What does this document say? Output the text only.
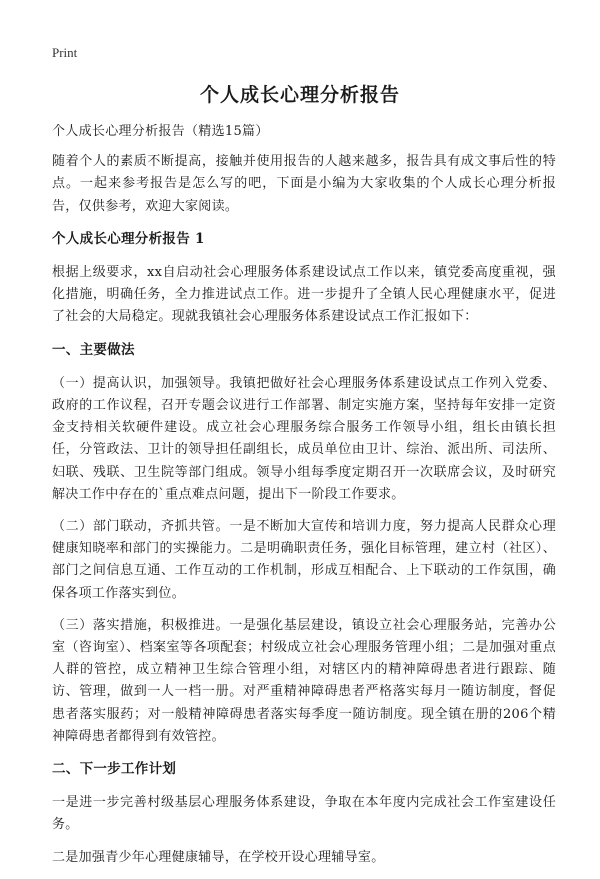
Print
个人成长心理分析报告

个人成长心理分析报告（精选15篇）

随着个人的素质不断提高，接触并使用报告的人越来越多，报告具有成文事后性的特点。一起来参考报告是怎么写的吧，下面是小编为大家收集的个人成长心理分析报告，仅供参考，欢迎大家阅读。

个人成长心理分析报告 1

根据上级要求，xx自启动社会心理服务体系建设试点工作以来，镇党委高度重视，强化措施，明确任务，全力推进试点工作。进一步提升了全镇人民心理健康水平，促进了社会的大局稳定。现就我镇社会心理服务体系建设试点工作汇报如下：

一、主要做法

（一）提高认识，加强领导。我镇把做好社会心理服务体系建设试点工作列入党委、政府的工作议程，召开专题会议进行工作部署、制定实施方案，坚持每年安排一定资金支持相关软硬件建设。成立社会心理服务综合服务工作领导小组，组长由镇长担任，分管政法、卫计的领导担任副组长，成员单位由卫计、综治、派出所、司法所、妇联、残联、卫生院等部门组成。领导小组每季度定期召开一次联席会议，及时研究解决工作中存在的`重点难点问题，提出下一阶段工作要求。

（二）部门联动，齐抓共管。一是不断加大宣传和培训力度，努力提高人民群众心理健康知晓率和部门的实操能力。二是明确职责任务，强化目标管理，建立村（社区）、部门之间信息互通、工作互动的工作机制，形成互相配合、上下联动的工作氛围，确保各项工作落实到位。

（三）落实措施，积极推进。一是强化基层建设，镇设立社会心理服务站，完善办公室（咨询室）、档案室等各项配套；村级成立社会心理服务管理小组；二是加强对重点人群的管控，成立精神卫生综合管理小组，对辖区内的精神障碍患者进行跟踪、随访、管理，做到一人一档一册。对严重精神障碍患者严格落实每月一随访制度，督促患者落实服药；对一般精神障碍患者落实每季度一随访制度。现全镇在册的206个精神障碍患者都得到有效管控。

二、下一步工作计划

一是进一步完善村级基层心理服务体系建设，争取在本年度内完成社会工作室建设任务。

二是加强青少年心理健康辅导，在学校开设心理辅导室。
